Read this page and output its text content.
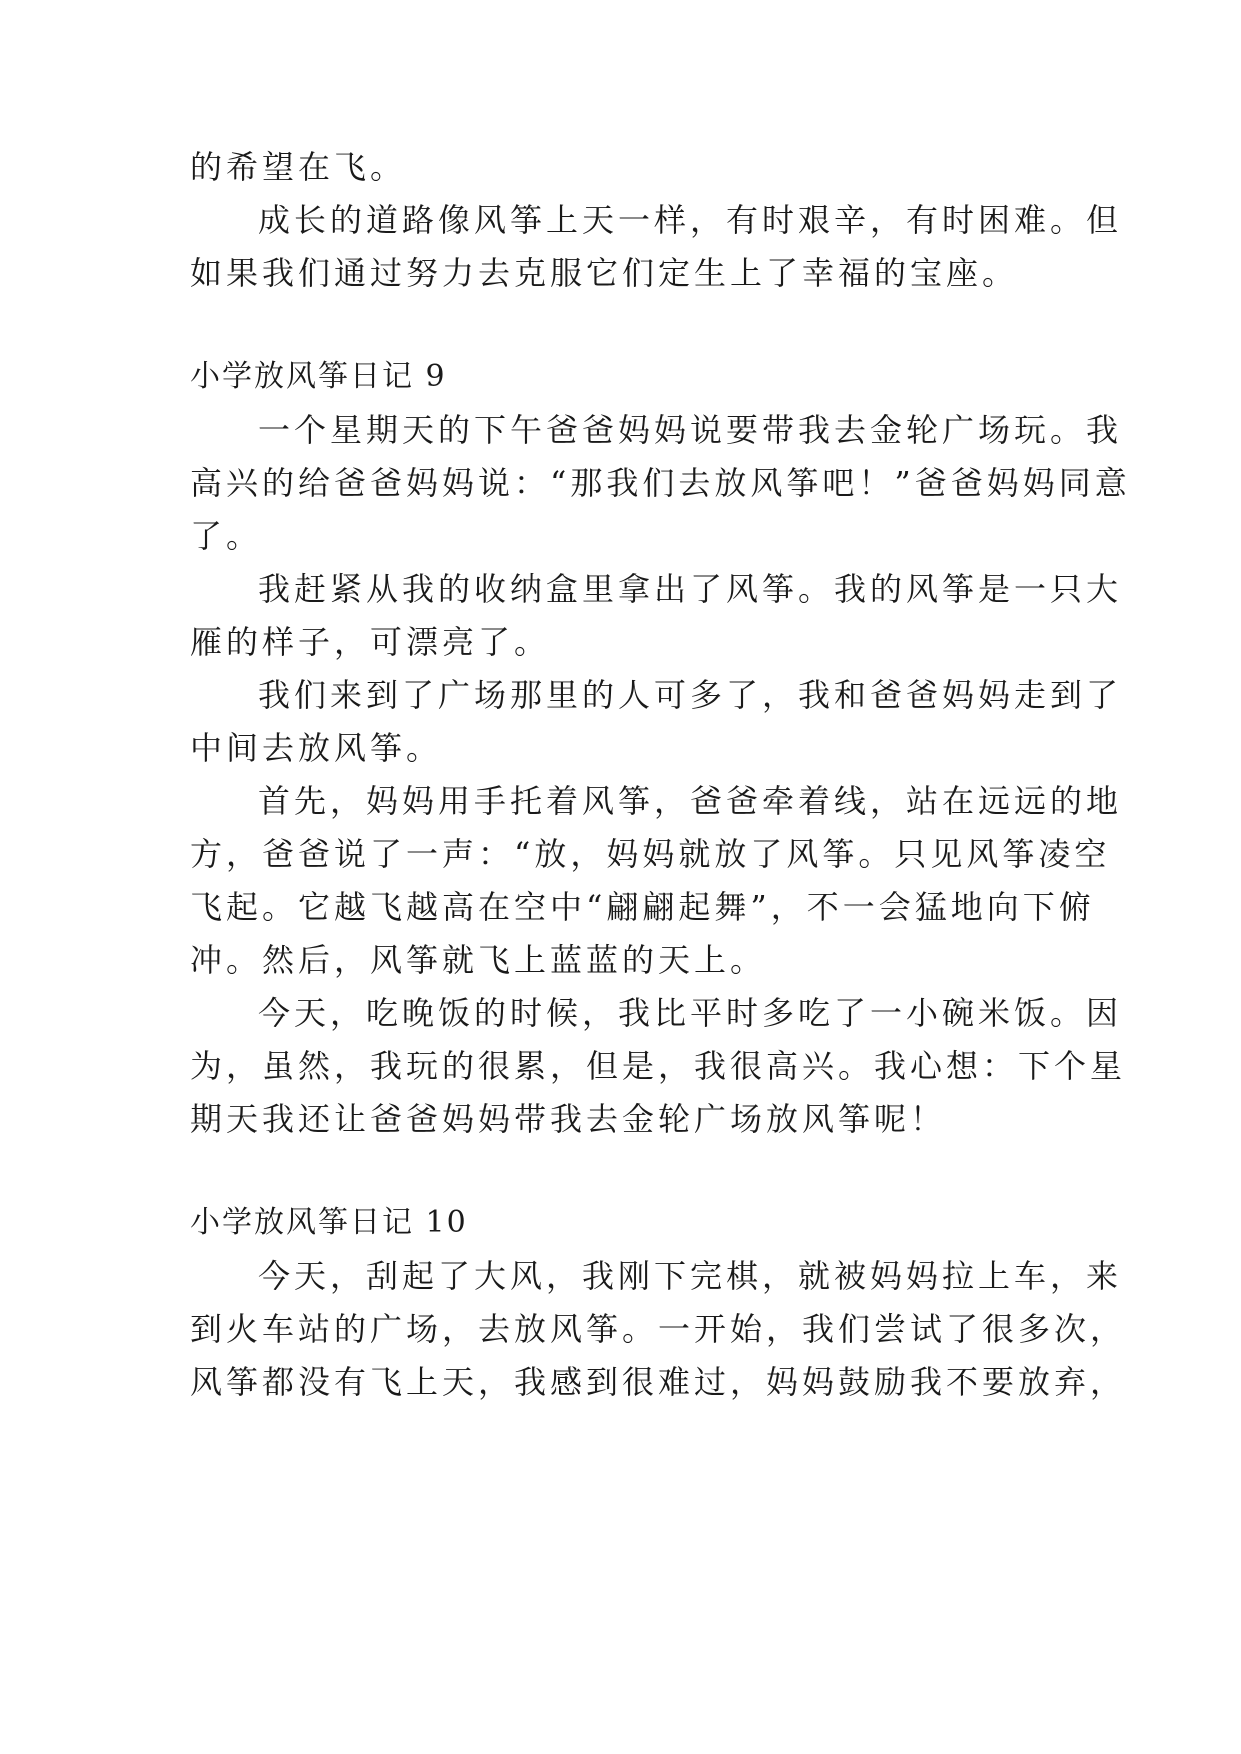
的希望在飞。
成长的道路像风筝上天一样，有时艰辛，有时困难。但
如果我们通过努力去克服它们定生上了幸福的宝座。
小学放风筝日记 9
一个星期天的下午爸爸妈妈说要带我去金轮广场玩。我
高兴的给爸爸妈妈说：“那我们去放风筝吧！”爸爸妈妈同意
了。
我赶紧从我的收纳盒里拿出了风筝。我的风筝是一只大
雁的样子，可漂亮了。
我们来到了广场那里的人可多了，我和爸爸妈妈走到了
中间去放风筝。
首先，妈妈用手托着风筝，爸爸牵着线，站在远远的地
方，爸爸说了一声：“放，妈妈就放了风筝。只见风筝凌空
飞起。它越飞越高在空中“翩翩起舞”，不一会猛地向下俯
冲。然后，风筝就飞上蓝蓝的天上。
今天，吃晚饭的时候，我比平时多吃了一小碗米饭。因
为，虽然，我玩的很累，但是，我很高兴。我心想：下个星
期天我还让爸爸妈妈带我去金轮广场放风筝呢！
小学放风筝日记 10
今天，刮起了大风，我刚下完棋，就被妈妈拉上车，来
到火车站的广场，去放风筝。一开始，我们尝试了很多次，
风筝都没有飞上天，我感到很难过，妈妈鼓励我不要放弃，
